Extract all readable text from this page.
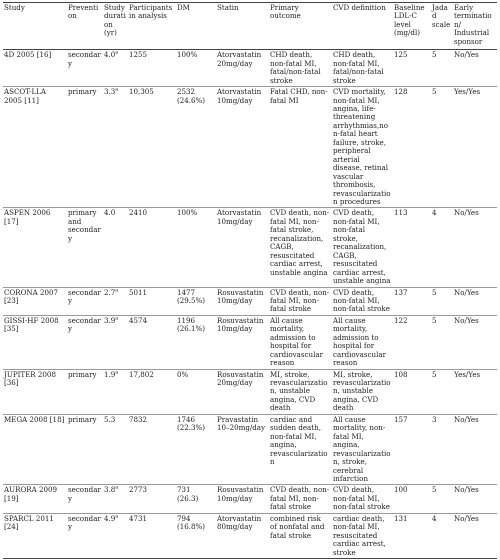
Study	Prevention	Study duration (yr)	Participants in analysis	DM	Statin	Primary outcome	CVD definition	Baseline LDL-C level (mg/dl)	Jadad scale	Early termination/ Industrial sponsor
4D 2005 [16]	secondary	4.0$^a$	1255	100%	Atorvastatin 20mg/day	CHD death, non-fatal MI, fatal/non-fatal stroke	CHD death, non-fatal MI, fatal/non-fatal stroke	125	5	No/Yes
ASCOT-LLA 2005 [11]	primary	3.3$^a$	10,305	2532 (24.6%)	Atorvastatin 10mg/day	Fatal CHD, non-fatal MI	CVD mortality, non-fatal MI, angina, life-threatening arrhythmias,non-fatal heart failure, stroke, peripheral arterial disease, retinal vascular thrombosis, revascularization procedures	128	5	Yes/Yes
ASPEN 2006 [17]	primary and secondary	4.0	2410	100%	Atorvastatin 10mg/day	CVD death, non-fatal MI, non-fatal stroke, recanalization, CAGB, resuscitated cardiac arrest, unstable angina	CVD death, non-fatal MI, non-fatal stroke, recanalization, CAGB, resuscitated cardiac arrest, unstable angina	113	4	No/Yes
CORONA 2007 [23]	secondary	2.7$^a$	5011	1477 (29.5%)	Rosuvastatin 10mg/day	CVD death, non-fatal MI, non-fatal stroke	CVD death, non-fatal MI, non-fatal stroke	137	5	No/Yes
GISSI-HF 2008 [35]	secondary	3.9$^a$	4574	1196 (26.1%)	Rosuvastatin 10mg/day	All cause mortality, admission to hospital for cardiovascular reason	All cause mortality, admission to hospital for cardiovascular reason	122	5	No/Yes
JUPITER 2008 [36]	primary	1.9$^a$	17,802	0%	Rosuvastatin 20mg/day	MI, stroke, revascularization, unstable angina, CVD death	MI, stroke, revascularization, unstable angina, CVD death	108	5	Yes/Yes
MEGA 2008 [18]	primary	5.3	7832	1746 (22.3%)	Pravastatin 10–20mg/day	cardiac and sudden death, non-fatal MI, angina, revascularization	All cause mortality, non-fatal MI, angina, revascularization, stroke, cerebral infarction	157	3	No/Yes
AURORA 2009 [19]	secondary	3.8$^a$	2773	731 (26.3)	Rosuvastatin 10mg/day	CVD death, non-fatal MI, non-fatal stroke	CVD death, non-fatal MI, non-fatal stroke	100	5	No/Yes
SPARCL 2011 [24]	secondary	4.9$^a$	4731	794 (16.8%)	Atorvastatin 80mg/day	combined risk of nonfatal and fatal stroke	cardiac death, non-fatal MI, resuscitated cardiac arrest, stroke	131	4	No/Yes
